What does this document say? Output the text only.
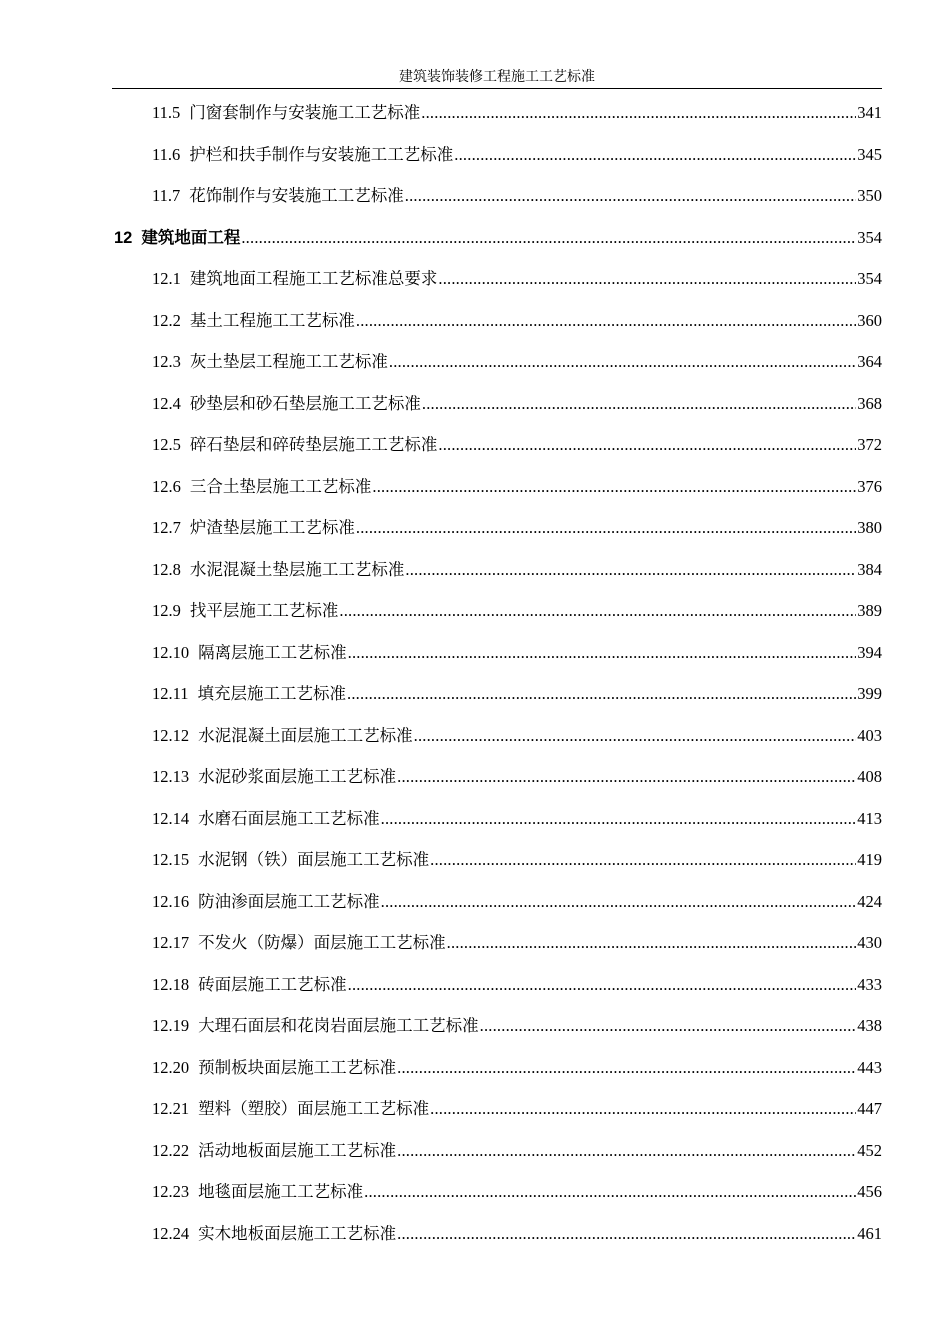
建筑装饰装修工程施工工艺标准
11.5 门窗套制作与安装施工工艺标准 .....	341
11.6 护栏和扶手制作与安装施工工艺标准 .....	345
11.7 花饰制作与安装施工工艺标准 .....	350
12 建筑地面工程 .....	354
12.1 建筑地面工程施工工艺标准总要求 .....	354
12.2 基土工程施工工艺标准 .....	360
12.3 灰土垫层工程施工工艺标准 .....	364
12.4 砂垫层和砂石垫层施工工艺标准 .....	368
12.5 碎石垫层和碎砖垫层施工工艺标准 .....	372
12.6 三合土垫层施工工艺标准 .....	376
12.7 炉渣垫层施工工艺标准 .....	380
12.8 水泥混凝土垫层施工工艺标准 .....	384
12.9 找平层施工工艺标准 .....	389
12.10 隔离层施工工艺标准 .....	394
12.11 填充层施工工艺标准 .....	399
12.12 水泥混凝土面层施工工艺标准 .....	403
12.13 水泥砂浆面层施工工艺标准 .....	408
12.14 水磨石面层施工工艺标准 .....	413
12.15 水泥钢（铁）面层施工工艺标准 .....	419
12.16 防油渗面层施工工艺标准 .....	424
12.17 不发火（防爆）面层施工工艺标准 .....	430
12.18 砖面层施工工艺标准 .....	433
12.19 大理石面层和花岗岩面层施工工艺标准 .....	438
12.20 预制板块面层施工工艺标准 .....	443
12.21 塑料（塑胶）面层施工工艺标准 .....	447
12.22 活动地板面层施工工艺标准 .....	452
12.23 地毯面层施工工艺标准 .....	456
12.24 实木地板面层施工工艺标准 .....	461
